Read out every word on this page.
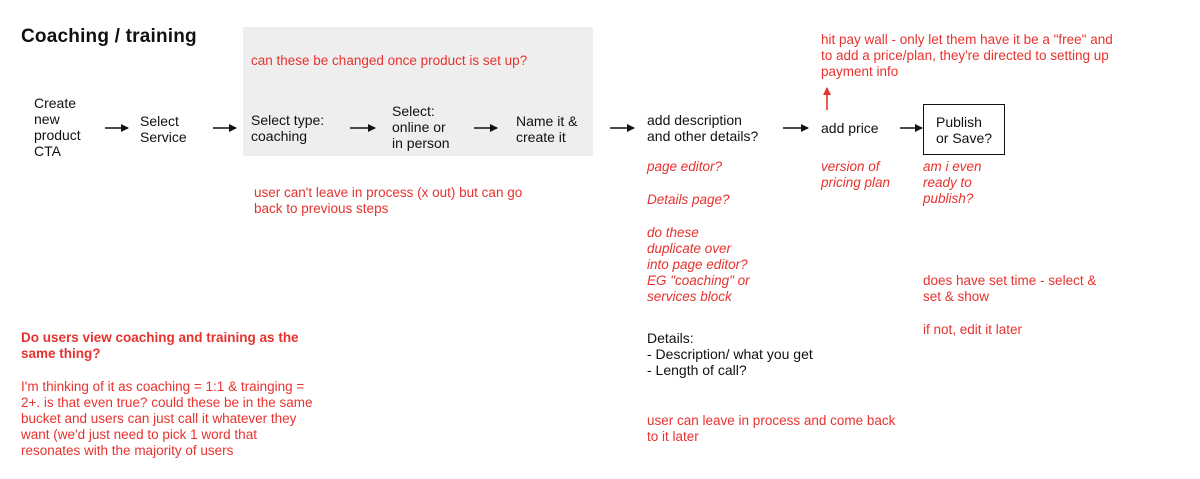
Coaching / training
Create
new
product
CTA
Select
Service
Select type:
coaching
Select:
online or
in person
Name it &
create it
add description
and other details?	add price	Publish
or Save?
can these be changed once product is set up?
user can't leave in process (x out) but can go
back to previous steps
hit pay wall - only let them have it be a "free" and
to add a price/plan, they're directed to setting up
payment info
page editor?
Details page?
do these
duplicate over
into page editor?
EG "coaching" or
services block
version of
pricing plan
am i even
ready to
publish?
does have set time - select &
set & show
if not, edit it later
Details:
- Description/ what you get
- Length of call?
user can leave in process and come back
to it later
Do users view coaching and training as the
same thing?
I'm thinking of it as coaching = 1:1 & trainging =
2+. is that even true? could these be in the same
bucket and users can just call it whatever they
want (we'd just need to pick 1 word that
resonates with the majority of users
